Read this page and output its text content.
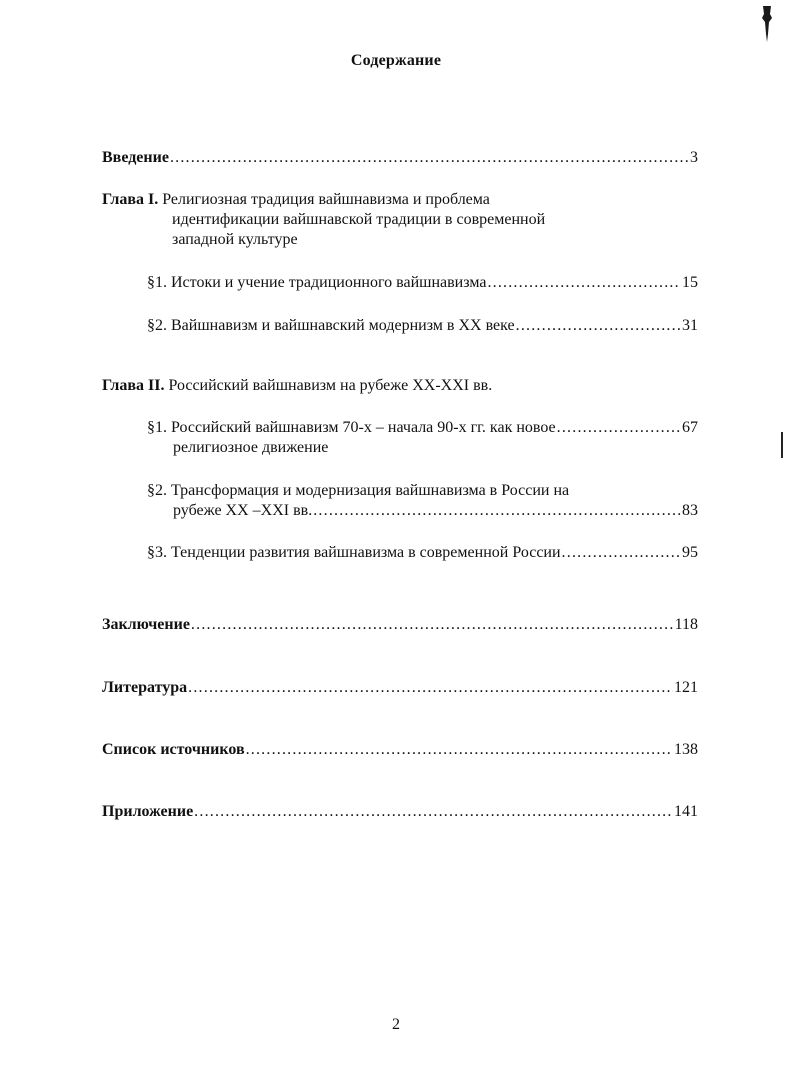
Содержание
Введение .....	3
Глава I. Религиозная традиция вайшнавизма и проблема
идентификации вайшнавской традиции в современной
западной культуре
§1. Истоки и учение традиционного вайшнавизма .....	15
§2. Вайшнавизм и вайшнавский модернизм в XX веке .....	31
Глава II. Российский вайшнавизм на рубеже XX-XXI вв.
§1. Российский вайшнавизм 70-х – начала 90-х гг. как новое .....	67
религиозное движение
§2. Трансформация и модернизация вайшнавизма в России на
рубеже XX –XXI вв. .....	83
§3. Тенденции развития вайшнавизма в современной России .....	95
Заключение .....	118
Литература .....	121
Список источников .....	138
Приложение .....	141
2
